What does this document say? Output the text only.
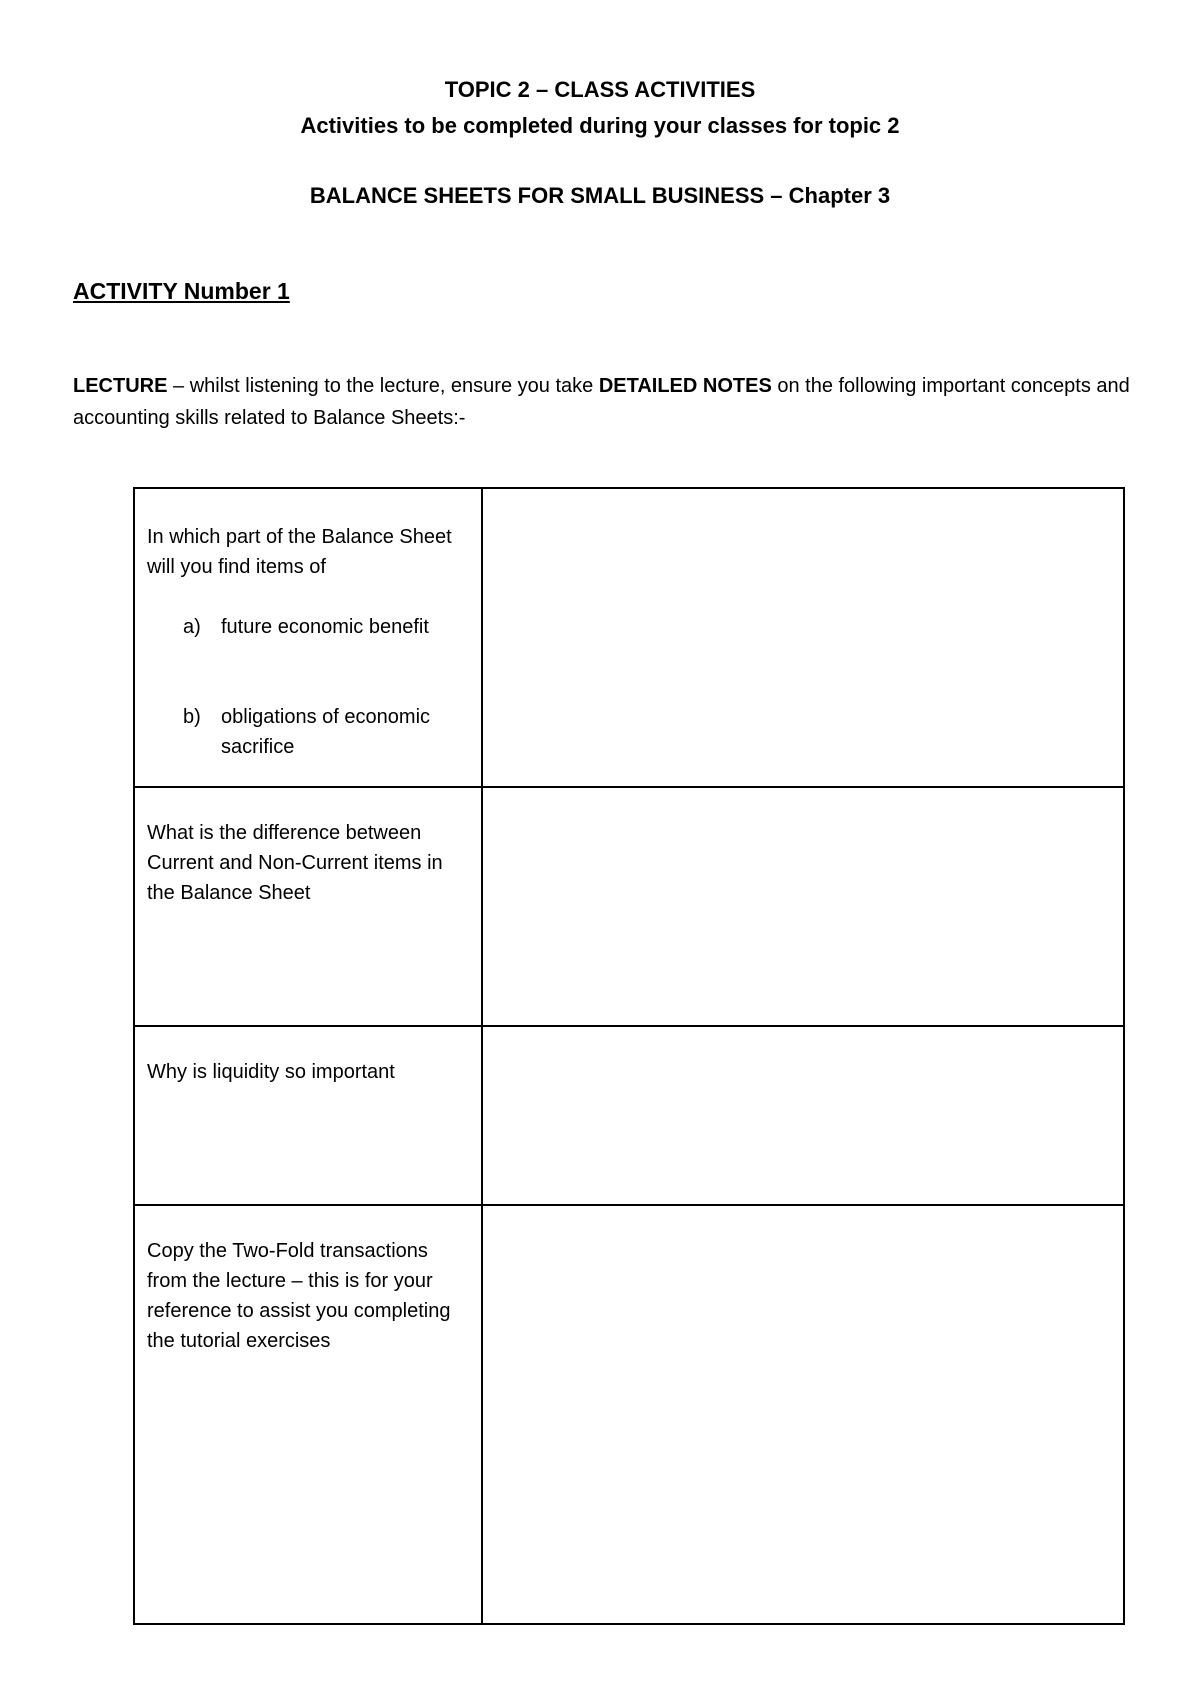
TOPIC 2 – CLASS ACTIVITIES
Activities to be completed during your classes for topic 2
BALANCE SHEETS FOR SMALL BUSINESS – Chapter 3
ACTIVITY Number 1
LECTURE – whilst listening to the lecture, ensure you take DETAILED NOTES on the following important concepts and accounting skills related to Balance Sheets:-
In which part of the Balance Sheet will you find items of
a) future economic benefit
b) obligations of economic sacrifice	

What is the difference between Current and Non-Current items in the Balance Sheet	

Why is liquidity so important	

Copy the Two-Fold transactions from the lecture – this is for your reference to assist you completing the tutorial exercises	
